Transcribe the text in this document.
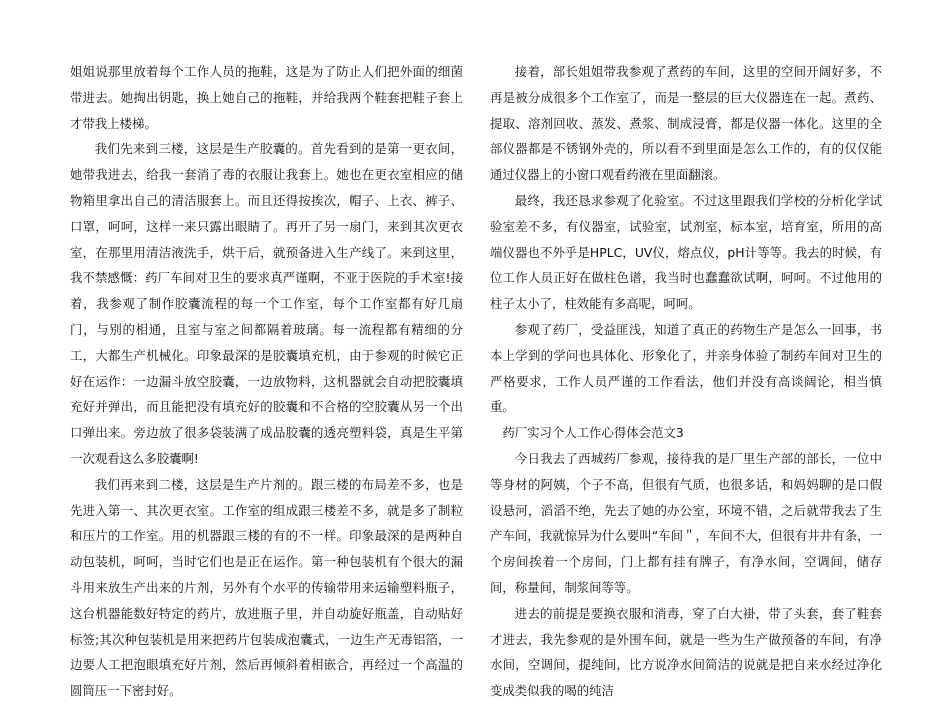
姐姐说那里放着每个工作人员的拖鞋，这是为了防止人们把外面的细菌带进去。她掏出钥匙，换上她自己的拖鞋，并给我两个鞋套把鞋子套上才带我上楼梯。

我们先来到三楼，这层是生产胶囊的。首先看到的是第一更衣间，她带我进去，给我一套消了毒的衣服让我套上。她也在更衣室相应的储物箱里拿出自己的清洁服套上。而且还得按挨次，帽子、上衣、裤子、口罩，呵呵，这样一来只露出眼睛了。再开了另一扇门，来到其次更衣室，在那里用清洁液洗手，烘干后，就预备进入生产线了。来到这里，我不禁感慨：药厂车间对卫生的要求真严谨啊，不亚于医院的手术室!接着，我参观了制作胶囊流程的每一个工作室，每个工作室都有好几扇门，与别的相通，且室与室之间都隔着玻璃。每一流程都有精细的分工，大都生产机械化。印象最深的是胶囊填充机，由于参观的时候它正好在运作：一边漏斗放空胶囊，一边放物料，这机器就会自动把胶囊填充好并弹出，而且能把没有填充好的胶囊和不合格的空胶囊从另一个出口弹出来。旁边放了很多袋装满了成品胶囊的透亮塑料袋，真是生平第一次观看这么多胶囊啊!

我们再来到二楼，这层是生产片剂的。跟三楼的布局差不多，也是先进入第一、其次更衣室。工作室的组成跟三楼差不多，就是多了制粒和压片的工作室。用的机器跟三楼的有的不一样。印象最深的是两种自动包装机，呵呵，当时它们也是正在运作。第一种包装机有个很大的漏斗用来放生产出来的片剂，另外有个水平的传输带用来运输塑料瓶子，这台机器能数好特定的药片，放进瓶子里，并自动旋好瓶盖，自动贴好标签;其次种包装机是用来把药片包装成泡囊式，一边生产无毒铝箔，一边要人工把泡眼填充好片剂，然后再倾斜着相嵌合，再经过一个高温的圆筒压一下密封好。

接着，部长姐姐带我参观了煮药的车间，这里的空间开阔好多，不再是被分成很多个工作室了，而是一整层的巨大仪器连在一起。煮药、提取、溶剂回收、蒸发、煮浆、制成浸膏，都是仪器一体化。这里的全部仪器都是不锈钢外壳的，所以看不到里面是怎么工作的，有的仅仅能通过仪器上的小窗口观看药液在里面翻滚。

最终，我还恳求参观了化验室。不过这里跟我们学校的分析化学试验室差不多，有仪器室，试验室，试剂室，标本室，培育室，所用的高端仪器也不外乎是HPLC，UV仪，熔点仪，pH计等等。我去的时候，有位工作人员正好在做柱色谱，我当时也蠢蠢欲试啊，呵呵。不过他用的柱子太小了，柱效能有多高呢，呵呵。

参观了药厂，受益匪浅，知道了真正的药物生产是怎么一回事，书本上学到的学问也具体化、形象化了，并亲身体验了制药车间对卫生的严格要求，工作人员严谨的工作看法，他们并没有高谈阔论，相当慎重。

药厂实习个人工作心得体会范文3

今日我去了西城药厂参观，接待我的是厂里生产部的部长，一位中等身材的阿姨，个子不高，但很有气质，也很多话，和妈妈聊的是口假设悬河，滔滔不绝，先去了她的办公室，环境不错，之后就带我去了生产车间，我就惊异为什么要叫“车间＂，车间不大，但很有井井有条，一个房间挨着一个房间，门上都有挂有牌子，有净水间，空调间，储存间，称量间，制浆间等等。

进去的前提是要换衣服和消毒，穿了白大褂，带了头套，套了鞋套才进去，我先参观的是外围车间，就是一些为生产做预备的车间，有净水间，空调间，提纯间，比方说净水间简洁的说就是把自来水经过净化变成类似我的喝的纯洁
